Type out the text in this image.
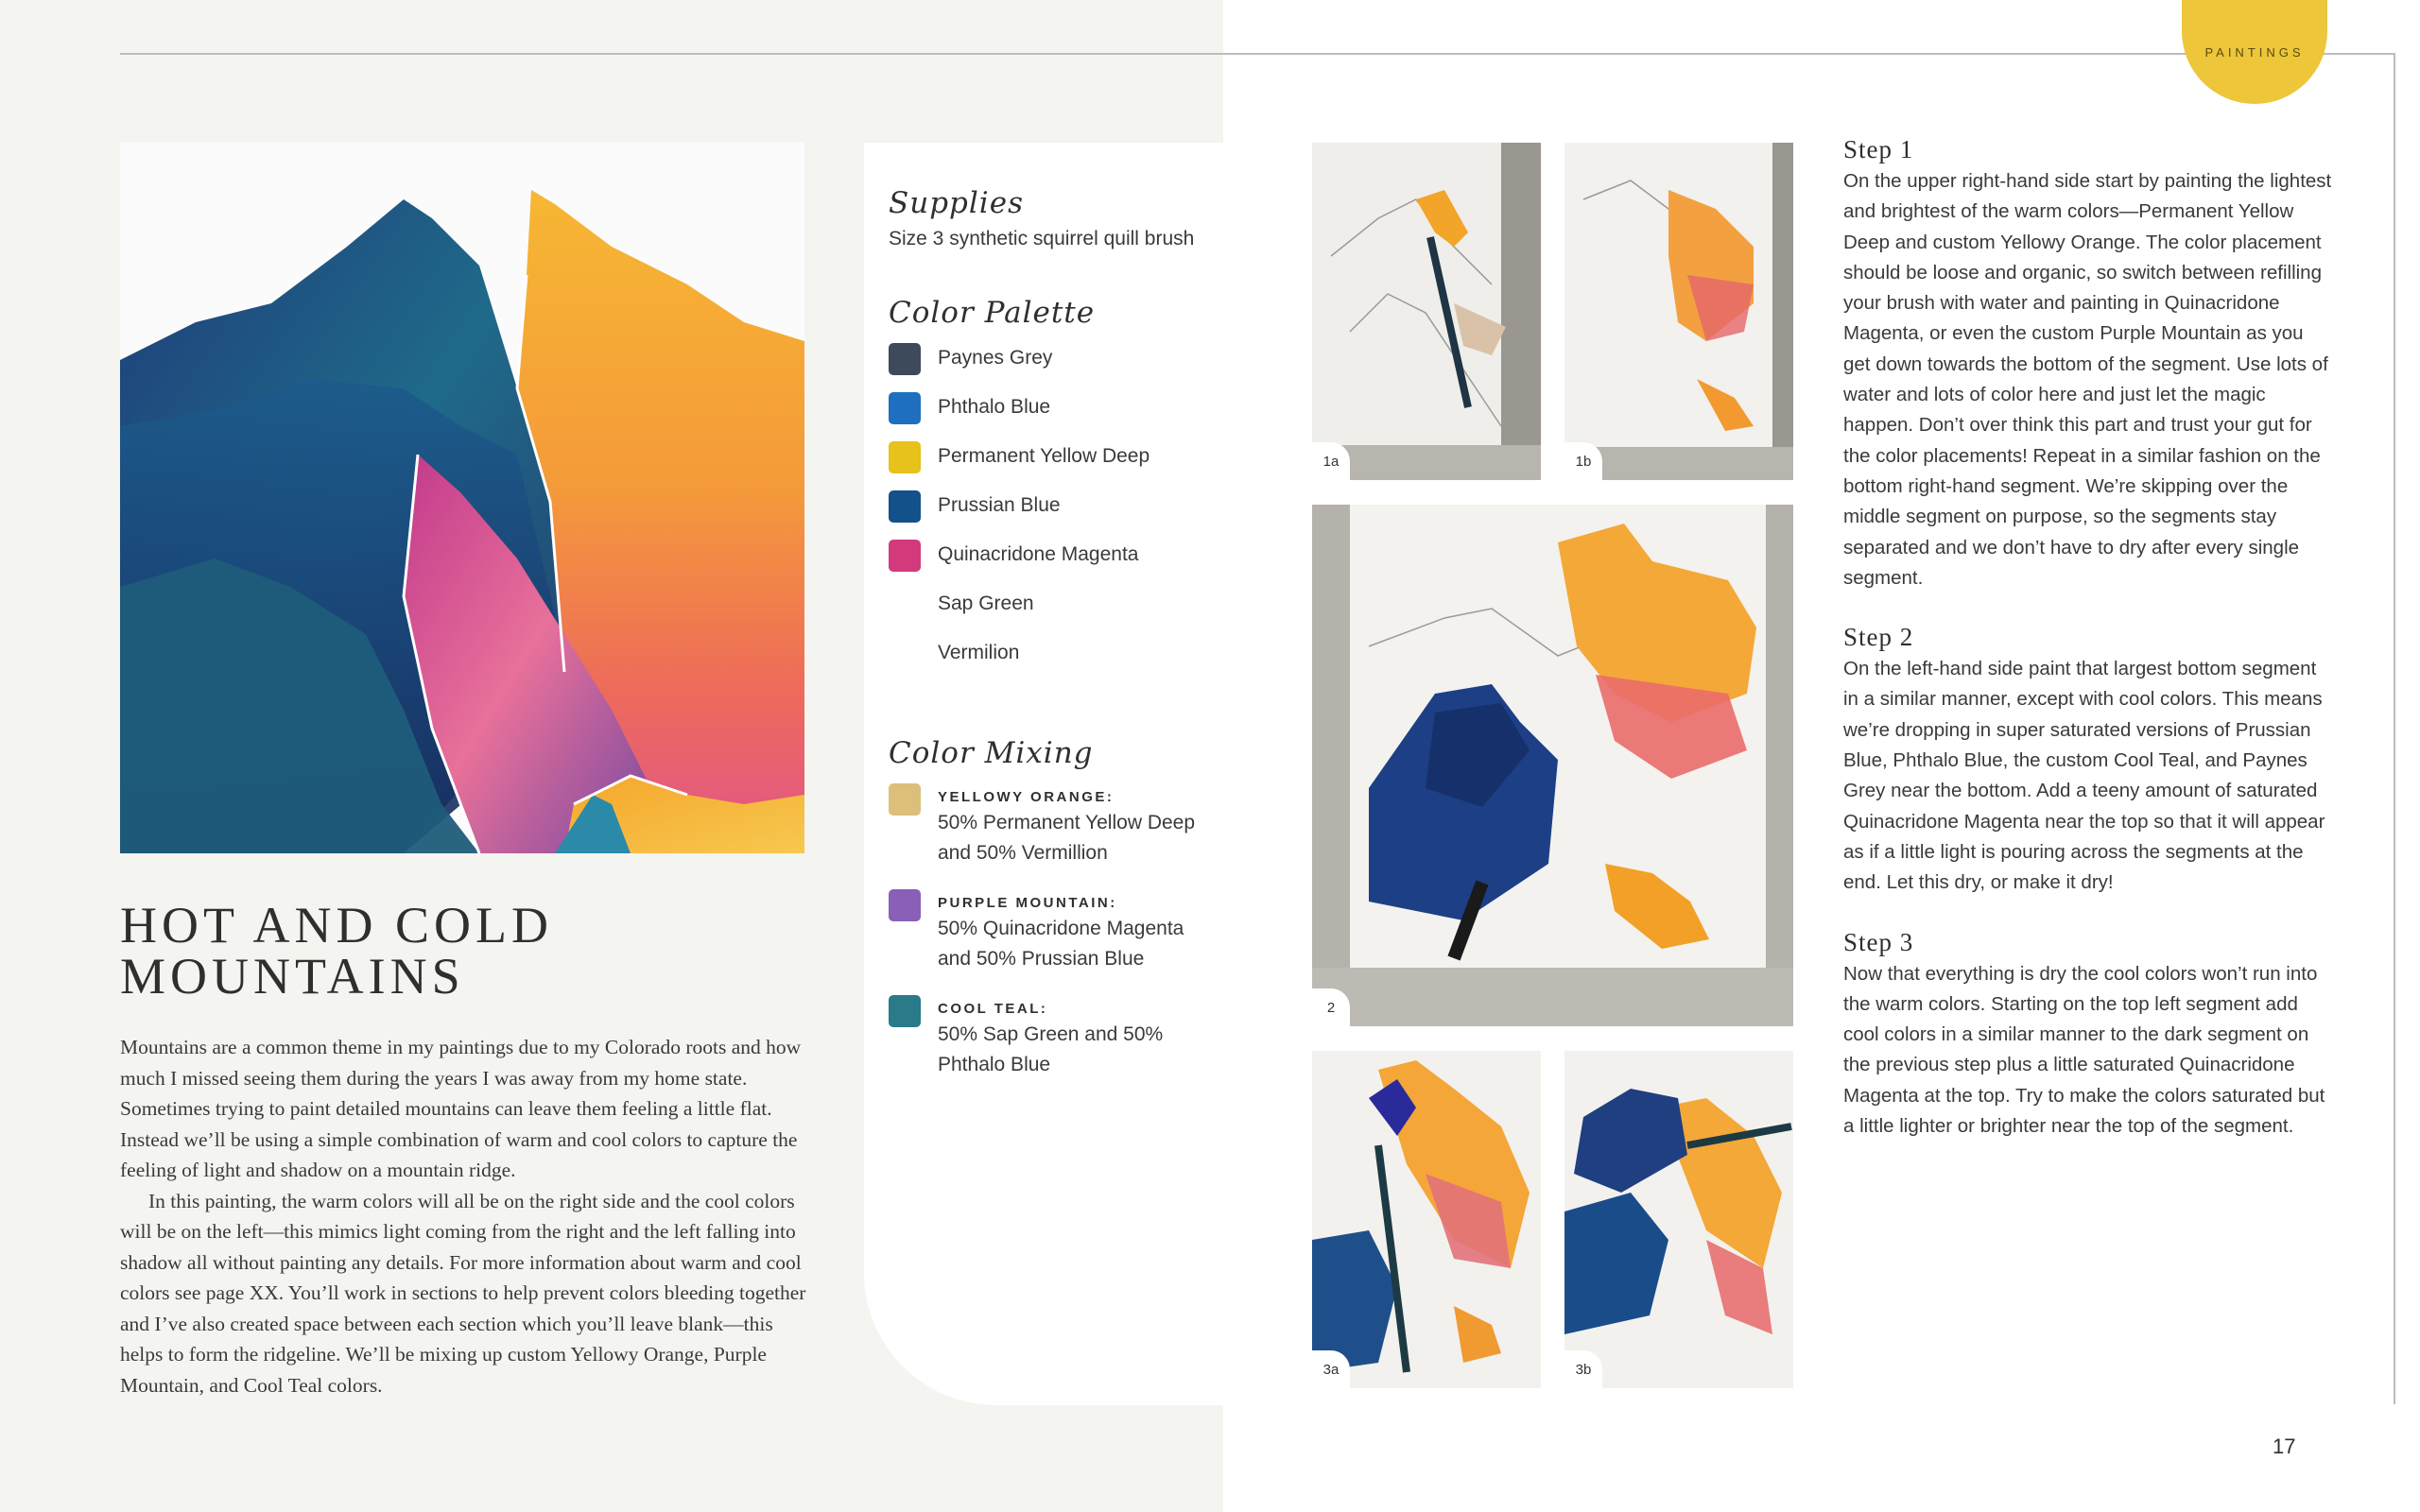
PAINTINGS
HOT AND COLD
MOUNTAINS

Mountains are a common theme in my paintings due to my Colorado roots and how much I missed seeing them during the years I was away from my home state. Sometimes trying to paint detailed mountains can leave them feeling a little flat. Instead we’ll be using a simple combination of warm and cool colors to capture the feeling of light and shadow on a mountain ridge.

In this painting, the warm colors will all be on the right side and the cool colors will be on the left—this mimics light coming from the right and the left falling into shadow all without painting any details. For more information about warm and cool colors see page XX. You’ll work in sections to help prevent colors bleeding together and I’ve also created space between each section which you’ll leave blank—this helps to form the ridgeline. We’ll be mixing up custom Yellowy Orange, Purple Mountain, and Cool Teal colors.

Supplies
Size 3 synthetic squirrel quill brush
Color Palette
Paynes Grey
Phthalo Blue
Permanent Yellow Deep
Prussian Blue
Quinacridone Magenta
Sap Green
Vermilion
Color Mixing
YELLOWY ORANGE:
50% Permanent Yellow Deep and 50% Vermillion
PURPLE MOUNTAIN:
50% Quinacridone Magenta and 50% Prussian Blue
COOL TEAL:
50% Sap Green and 50% Phthalo Blue
1a	1b
2
3a	3b
Step 1
On the upper right-hand side start by painting the lightest and brightest of the warm colors—Permanent Yellow Deep and custom Yellowy Orange. The color placement should be loose and organic, so switch between refilling your brush with water and painting in Quinacridone Magenta, or even the custom Purple Mountain as you get down towards the bottom of the segment. Use lots of water and lots of color here and just let the magic happen. Don’t over think this part and trust your gut for the color placements! Repeat in a similar fashion on the bottom right-hand segment. We’re skipping over the middle segment on purpose, so the segments stay separated and we don’t have to dry after every single segment.
Step 2
On the left-hand side paint that largest bottom segment in a similar manner, except with cool colors. This means we’re dropping in super saturated versions of Prussian Blue, Phthalo Blue, the custom Cool Teal, and Paynes Grey near the bottom. Add a teeny amount of saturated Quinacridone Magenta near the top so that it will appear as if a little light is pouring across the segments at the end. Let this dry, or make it dry!
Step 3
Now that everything is dry the cool colors won’t run into the warm colors. Starting on the top left segment add cool colors in a similar manner to the dark segment on the previous step plus a little saturated Quinacridone Magenta at the top. Try to make the colors saturated but a little lighter or brighter near the top of the segment.
17
